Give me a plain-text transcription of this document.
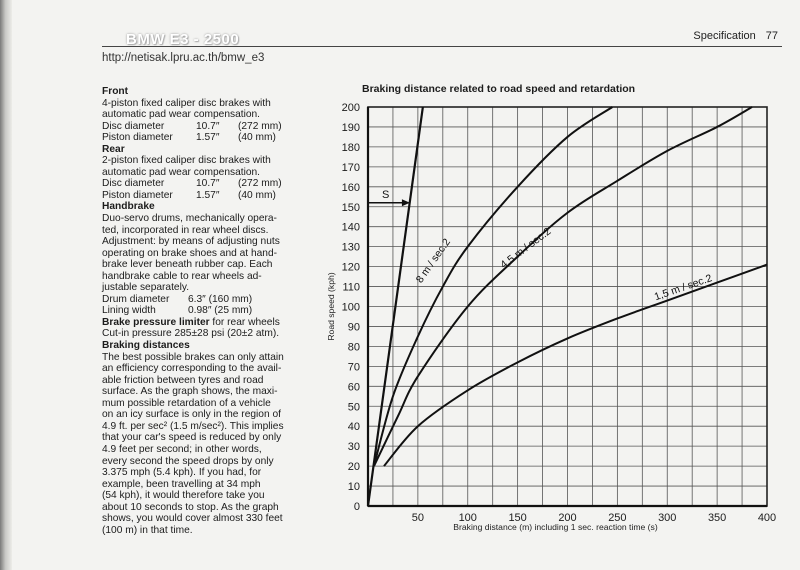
BMW E3 - 2500
http://netisak.lpru.ac.th/bmw_e3
Specification 77
Front
4-piston fixed caliper disc brakes with
automatic pad wear compensation.
Disc diameter	10.7″	(272 mm)
Piston diameter	1.57″	(40 mm)
Rear
2-piston fixed caliper disc brakes with
automatic pad wear compensation.
Disc diameter	10.7″	(272 mm)
Piston diameter	1.57″	(40 mm)
Handbrake
Duo-servo drums, mechanically opera-
ted, incorporated in rear wheel discs.
Adjustment: by means of adjusting nuts
operating on brake shoes and at hand-
brake lever beneath rubber cap. Each
handbrake cable to rear wheels ad-
justable separately.
Drum diameter	6.3″ (160 mm)
Lining width	0.98″ (25 mm)
Brake pressure limiter for rear wheels
Cut-in pressure 285±28 psi (20±2 atm).
Braking distances
The best possible brakes can only attain
an efficiency corresponding to the avail-
able friction between tyres and road
surface. As the graph shows, the maxi-
mum possible retardation of a vehicle
on an icy surface is only in the region of
4.9 ft. per sec² (1.5 m/sec²). This implies
that your car's speed is reduced by only
4.9 feet per second; in other words,
every second the speed drops by only
3.375 mph (5.4 kph). If you had, for
example, been travelling at 34 mph
(54 kph), it would therefore take you
about 10 seconds to stop. As the graph
shows, you would cover almost 330 feet
(100 m) in that time.
Braking distance related to road speed and retardation
0
10
20
30
40
50
60
70
80
90
100
110
120
130
140
150
160
170
180
190
200
50	100	150	200	250	300	350	400
Braking distance (m) including 1 sec. reaction time (s)
Road speed (kph)
S
8 m / sec.2	4,5 m / sec.2
1,5 m / sec.2
